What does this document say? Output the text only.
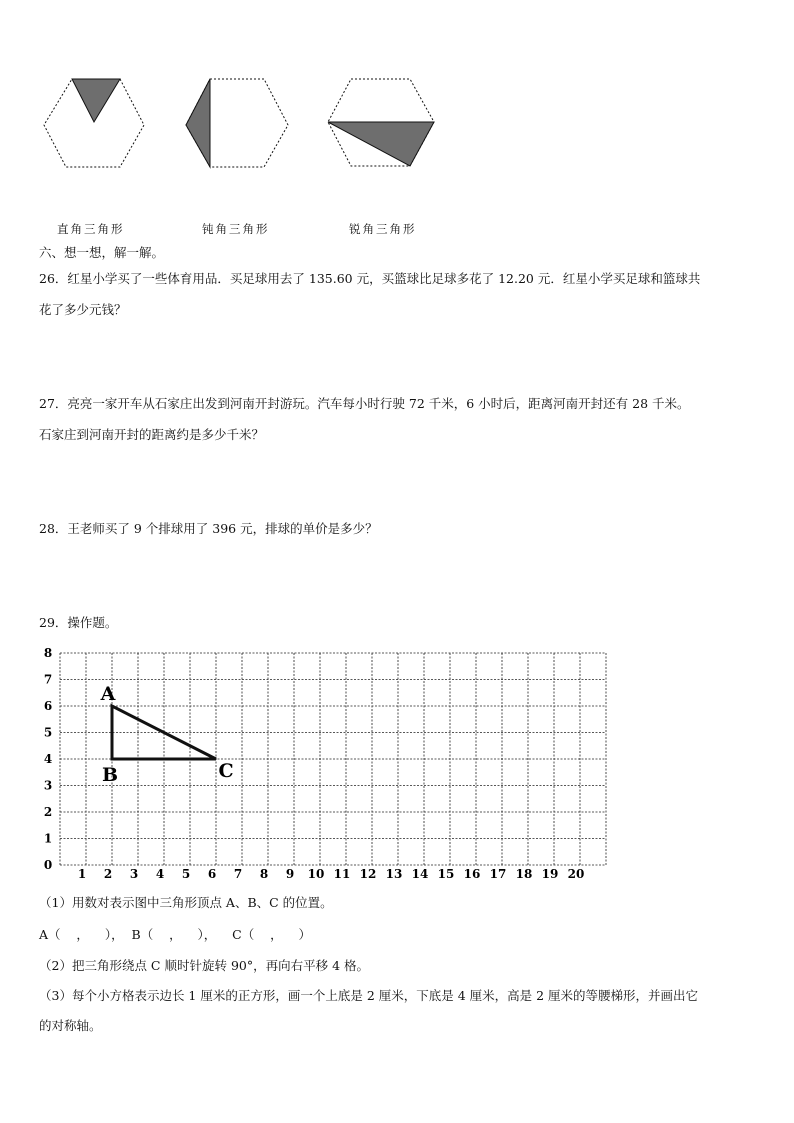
直角三角形	钝角三角形	锐角三角形
六、想一想，解一解。
26．红星小学买了一些体育用品．买足球用去了 135.60 元，买篮球比足球多花了 12.20 元．红星小学买足球和篮球共
花了多少元钱？
27．亮亮一家开车从石家庄出发到河南开封游玩。汽车每小时行驶 72 千米，6 小时后，距离河南开封还有 28 千米。
石家庄到河南开封的距离约是多少千米？
28．王老师买了 9 个排球用了 396 元，排球的单价是多少？
29．操作题。
1 2 3 4 5 6 7 8 9 10 11 12 13 14 15 16 17 18 19 20
0
1
2
3
4
5
6
7
8
A
B	C
（1）用数对表示图中三角形顶点 A、B、C 的位置。
A（    ，    ），  B（    ，    ），    C（    ，    ）
（2）把三角形绕点 C 顺时针旋转 90°，再向右平移 4 格。
（3）每个小方格表示边长 1 厘米的正方形，画一个上底是 2 厘米，下底是 4 厘米，高是 2 厘米的等腰梯形，并画出它
的对称轴。
